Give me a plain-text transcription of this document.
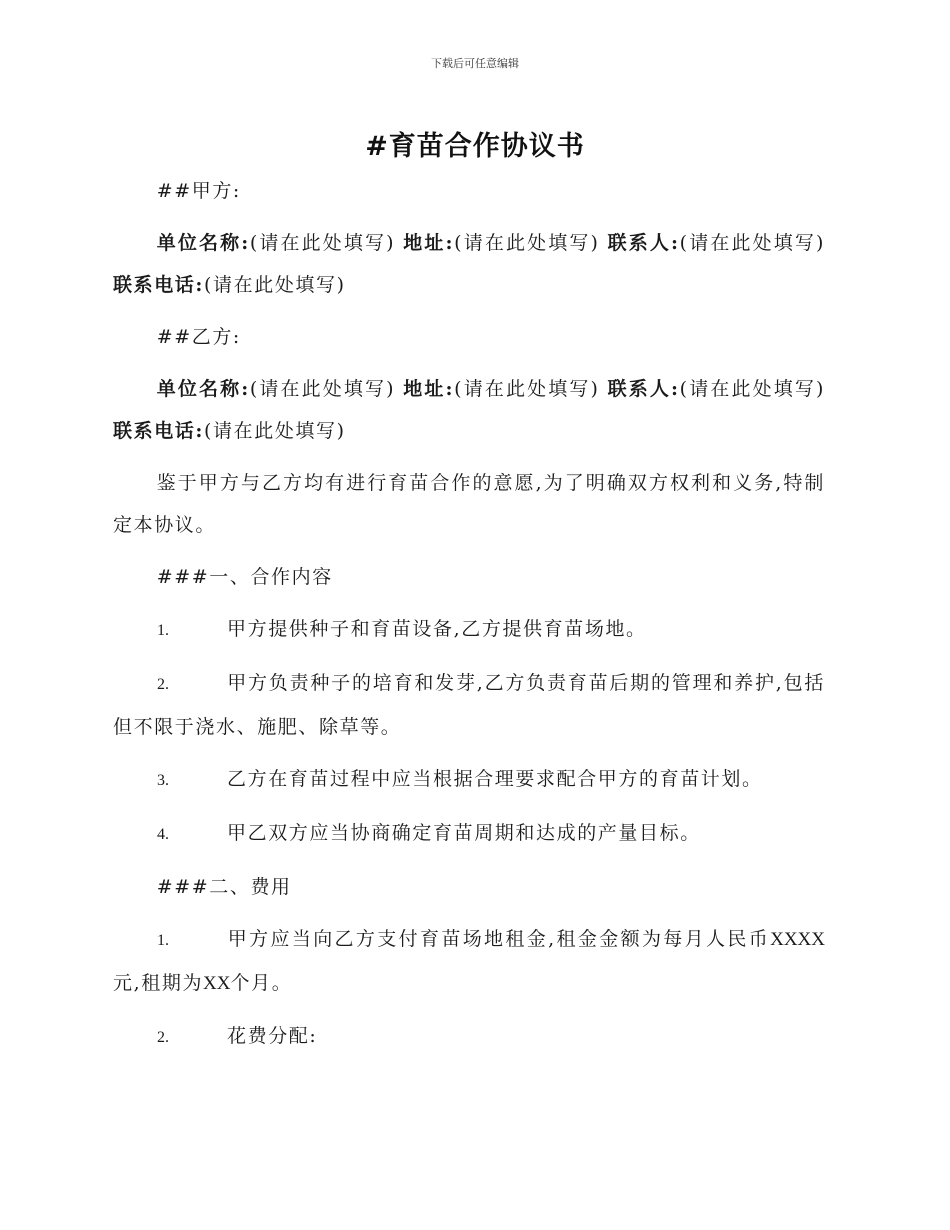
下载后可任意编辑
#育苗合作协议书

##甲方:

单位名称:(请在此处填写) 地址:(请在此处填写) 联系人:(请在此处填写) 联系电话:(请在此处填写)

##乙方:

单位名称:(请在此处填写) 地址:(请在此处填写) 联系人:(请在此处填写) 联系电话:(请在此处填写)

鉴于甲方与乙方均有进行育苗合作的意愿,为了明确双方权利和义务,特制定本协议。

###一、合作内容

1.	甲方提供种子和育苗设备,乙方提供育苗场地。

2.	甲方负责种子的培育和发芽,乙方负责育苗后期的管理和养护,包括但不限于浇水、施肥、除草等。

3.	乙方在育苗过程中应当根据合理要求配合甲方的育苗计划。

4.	甲乙双方应当协商确定育苗周期和达成的产量目标。

###二、费用

1.	甲方应当向乙方支付育苗场地租金,租金金额为每月人民币XXXX元,租期为XX个月。

2.	花费分配:
